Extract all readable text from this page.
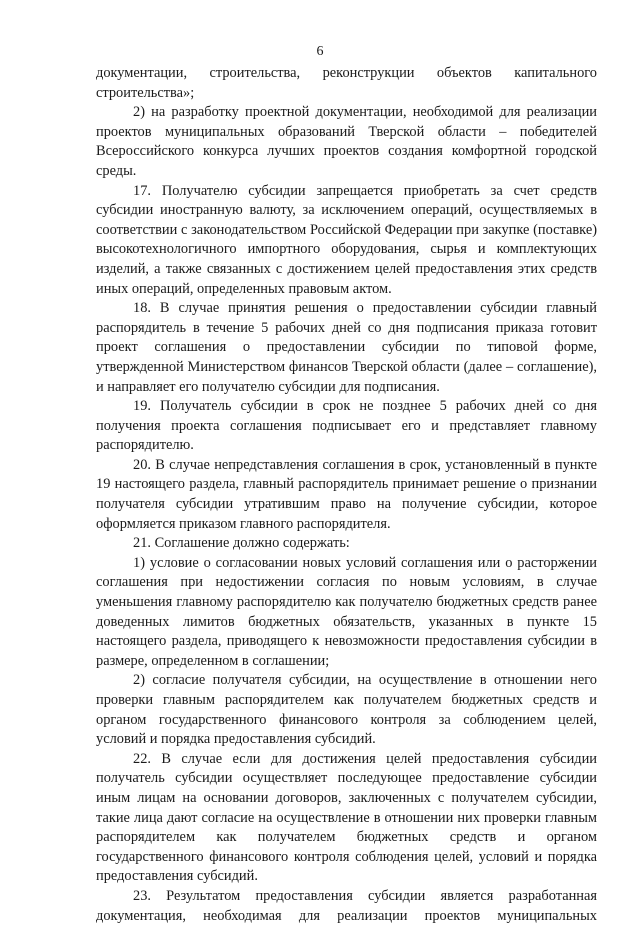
6

документации, строительства, реконструкции объектов капитального строительства»;

2) на разработку проектной документации, необходимой для реализации проектов муниципальных образований Тверской области – победителей Всероссийского конкурса лучших проектов создания комфортной городской среды.

17. Получателю субсидии запрещается приобретать за счет средств субсидии иностранную валюту, за исключением операций, осуществляемых в соответствии с законодательством Российской Федерации при закупке (поставке) высокотехнологичного импортного оборудования, сырья и комплектующих изделий, а также связанных с достижением целей предоставления этих средств иных операций, определенных правовым актом.

18. В случае принятия решения о предоставлении субсидии главный распорядитель в течение 5 рабочих дней со дня подписания приказа готовит проект соглашения о предоставлении субсидии по типовой форме, утвержденной Министерством финансов Тверской области (далее – соглашение), и направляет его получателю субсидии для подписания.

19. Получатель субсидии в срок не позднее 5 рабочих дней со дня получения проекта соглашения подписывает его и представляет главному распорядителю.

20. В случае непредставления соглашения в срок, установленный в пункте 19 настоящего раздела, главный распорядитель принимает решение о признании получателя субсидии утратившим право на получение субсидии, которое оформляется приказом главного распорядителя.

21. Соглашение должно содержать:

1) условие о согласовании новых условий соглашения или о расторжении соглашения при недостижении согласия по новым условиям, в случае уменьшения главному распорядителю как получателю бюджетных средств ранее доведенных лимитов бюджетных обязательств, указанных в пункте 15 настоящего раздела, приводящего к невозможности предоставления субсидии в размере, определенном в соглашении;

2) согласие получателя субсидии, на осуществление в отношении него проверки главным распорядителем как получателем бюджетных средств и органом государственного финансового контроля за соблюдением целей, условий и порядка предоставления субсидий.

22. В случае если для достижения целей предоставления субсидии получатель субсидии осуществляет последующее предоставление субсидии иным лицам на основании договоров, заключенных с получателем субсидии, такие лица дают согласие на осуществление в отношении них проверки главным распорядителем как получателем бюджетных средств и органом государственного финансового контроля соблюдения целей, условий и порядка предоставления субсидий.

23. Результатом предоставления субсидии является разработанная документация, необходимая для реализации проектов муниципальных
